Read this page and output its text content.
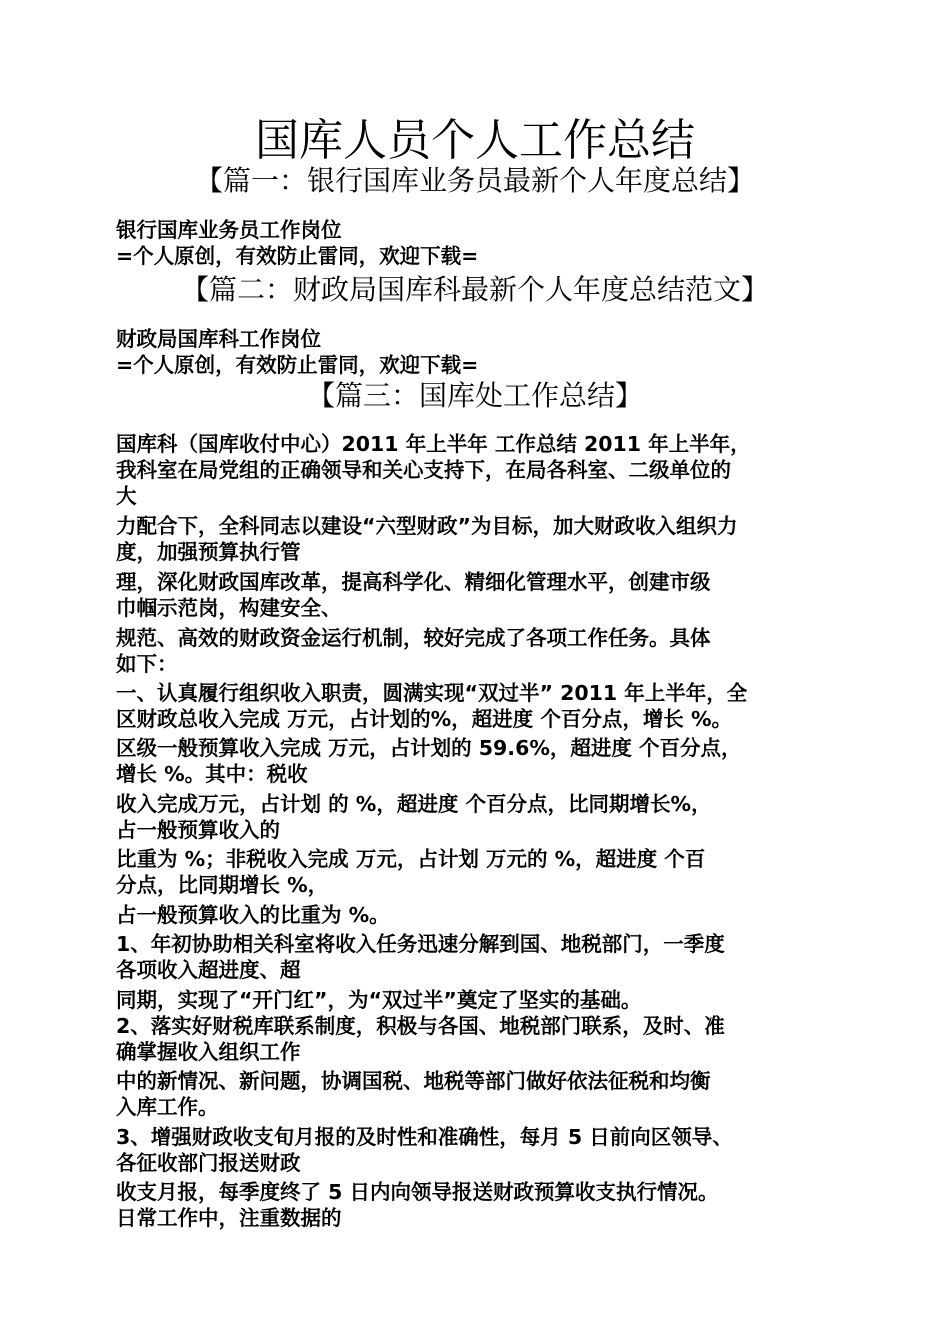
国库人员个人工作总结
【篇一：银行国库业务员最新个人年度总结】
银行国库业务员工作岗位
=个人原创，有效防止雷同，欢迎下载=
【篇二：财政局国库科最新个人年度总结范文】
财政局国库科工作岗位
=个人原创，有效防止雷同，欢迎下载=
【篇三：国库处工作总结】
国库科（国库收付中心）2011 年上半年 工作总结 2011 年上半年，
我科室在局党组的正确领导和关心支持下，在局各科室、二级单位的
大
力配合下，全科同志以建设“六型财政”为目标，加大财政收入组织力
度，加强预算执行管
理，深化财政国库改革，提高科学化、精细化管理水平，创建市级
巾帼示范岗，构建安全、
规范、高效的财政资金运行机制，较好完成了各项工作任务。具体
如下：
一、认真履行组织收入职责，圆满实现“双过半” 2011 年上半年，全
区财政总收入完成 万元，占计划的%，超进度 个百分点，增长 %。
区级一般预算收入完成 万元，占计划的 59.6%，超进度 个百分点，
增长 %。其中：税收
收入完成万元，占计划 的 %，超进度 个百分点，比同期增长%，
占一般预算收入的
比重为 %；非税收入完成 万元，占计划 万元的 %，超进度 个百
分点，比同期增长 %，
占一般预算收入的比重为 %。
1、年初协助相关科室将收入任务迅速分解到国、地税部门，一季度
各项收入超进度、超
同期，实现了“开门红”，为“双过半”奠定了坚实的基础。
2、落实好财税库联系制度，积极与各国、地税部门联系，及时、准
确掌握收入组织工作
中的新情况、新问题，协调国税、地税等部门做好依法征税和均衡
入库工作。
3、增强财政收支旬月报的及时性和准确性，每月 5 日前向区领导、
各征收部门报送财政
收支月报，每季度终了 5 日内向领导报送财政预算收支执行情况。
日常工作中，注重数据的
